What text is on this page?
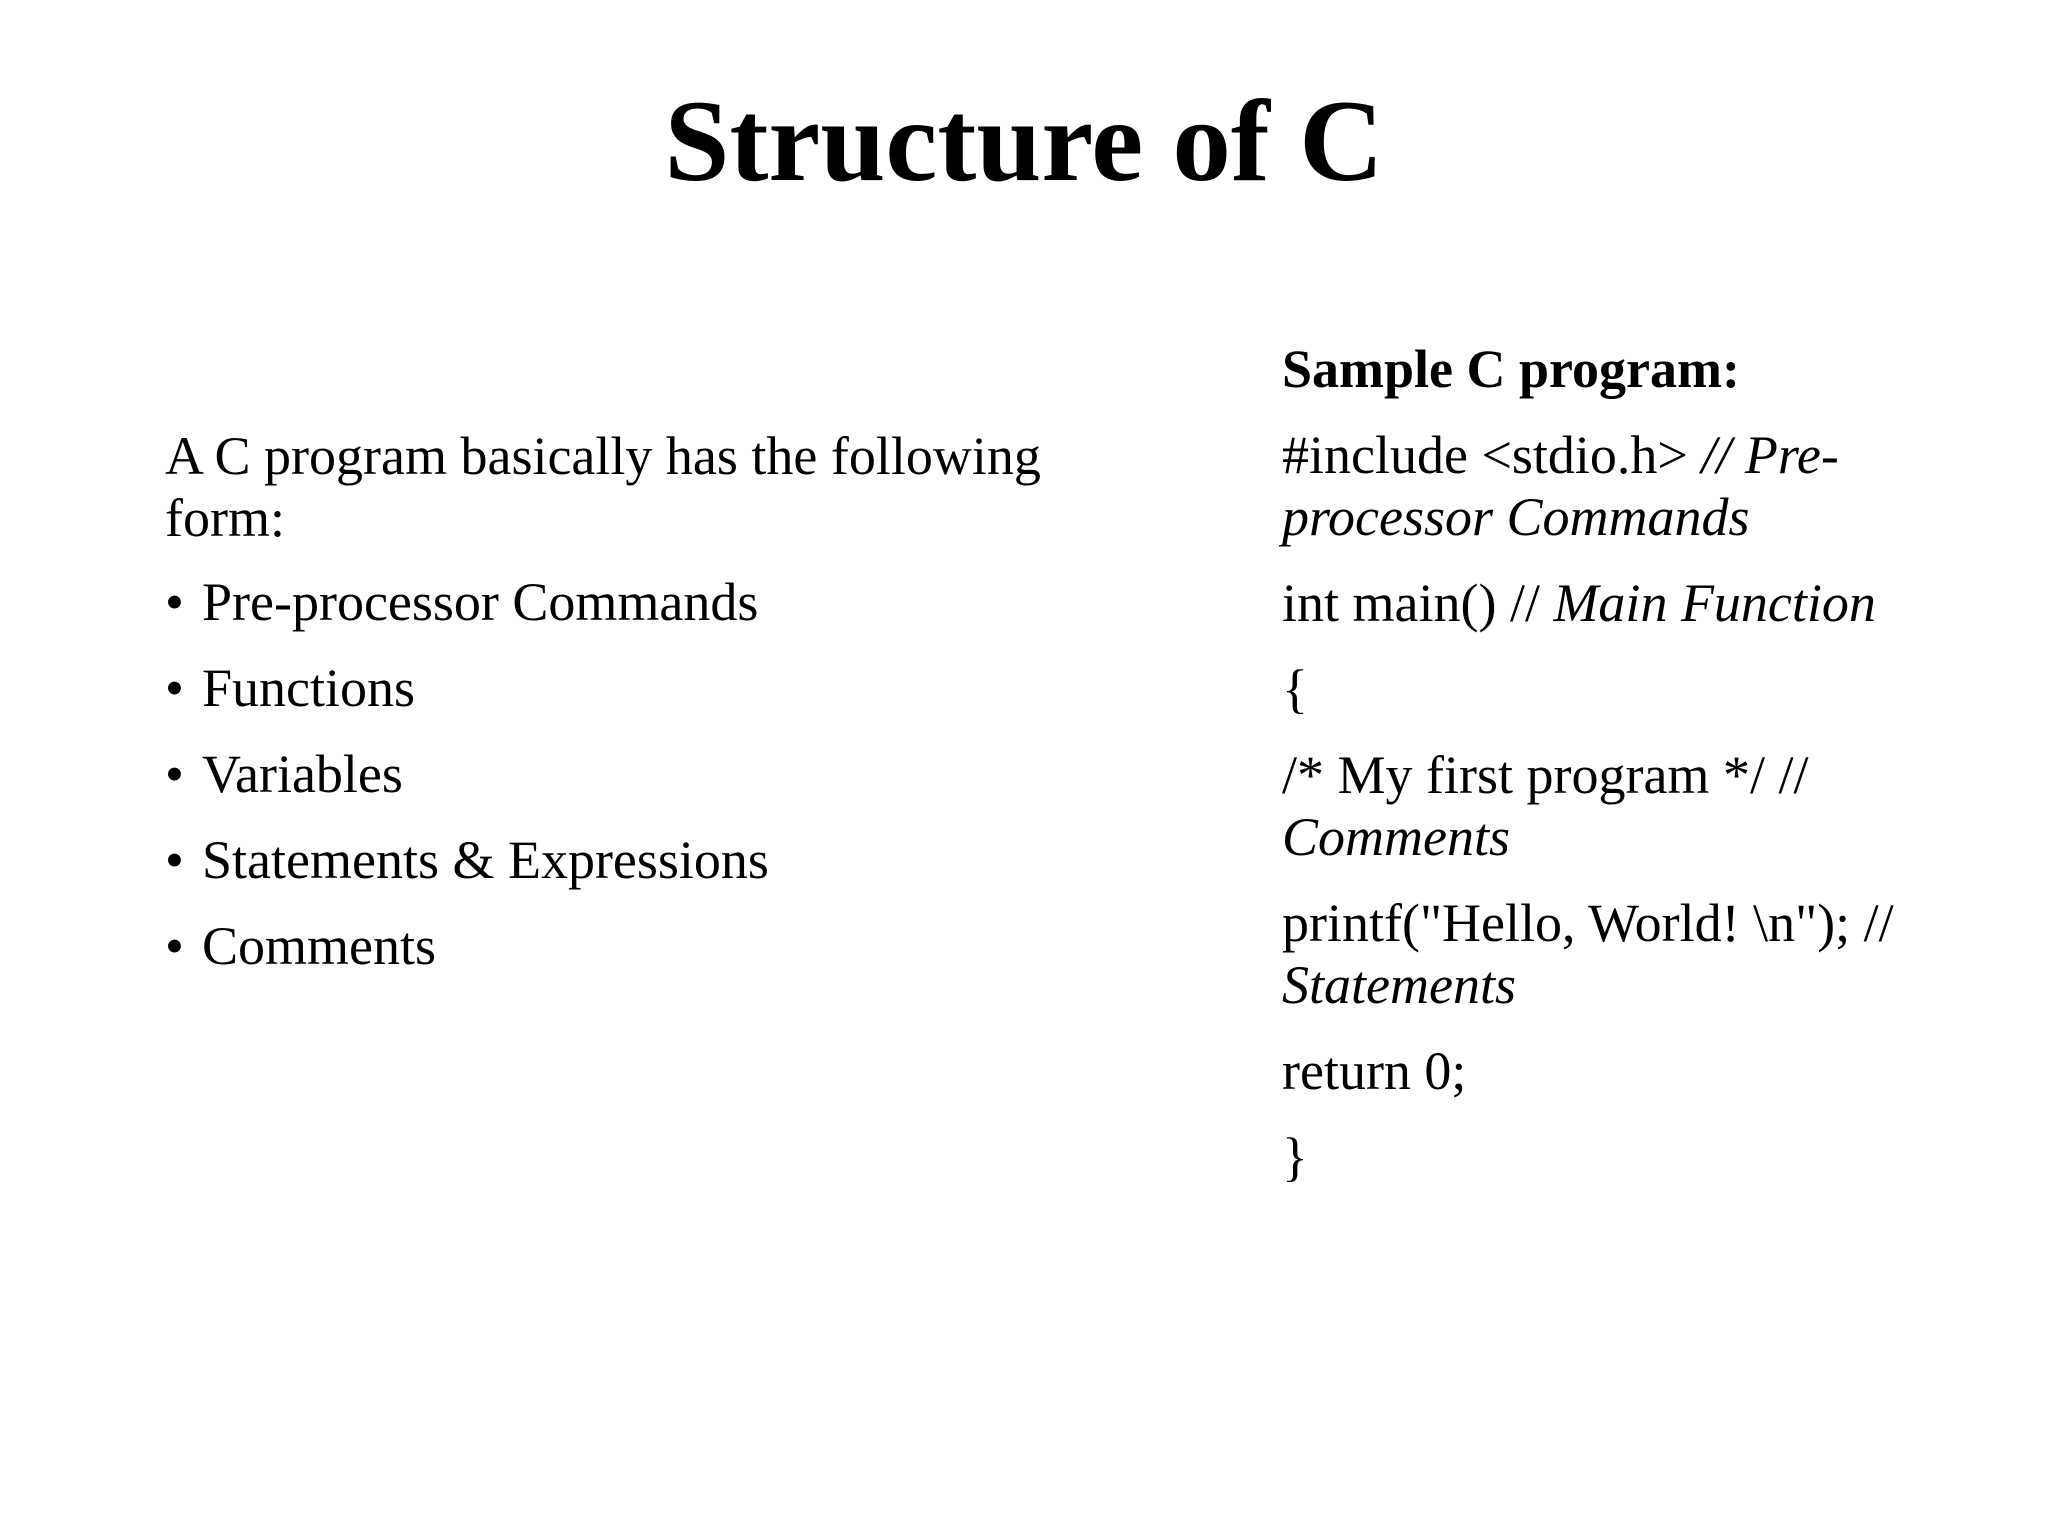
Structure of C

A C program basically has the following form:

• Pre-processor Commands
• Functions
• Variables
• Statements & Expressions
• Comments

Sample C program:

#include <stdio.h> // Pre-processor Commands

int main() // Main Function

{

/* My first program */ // Comments

printf("Hello, World! \n"); // Statements

return 0;

}
